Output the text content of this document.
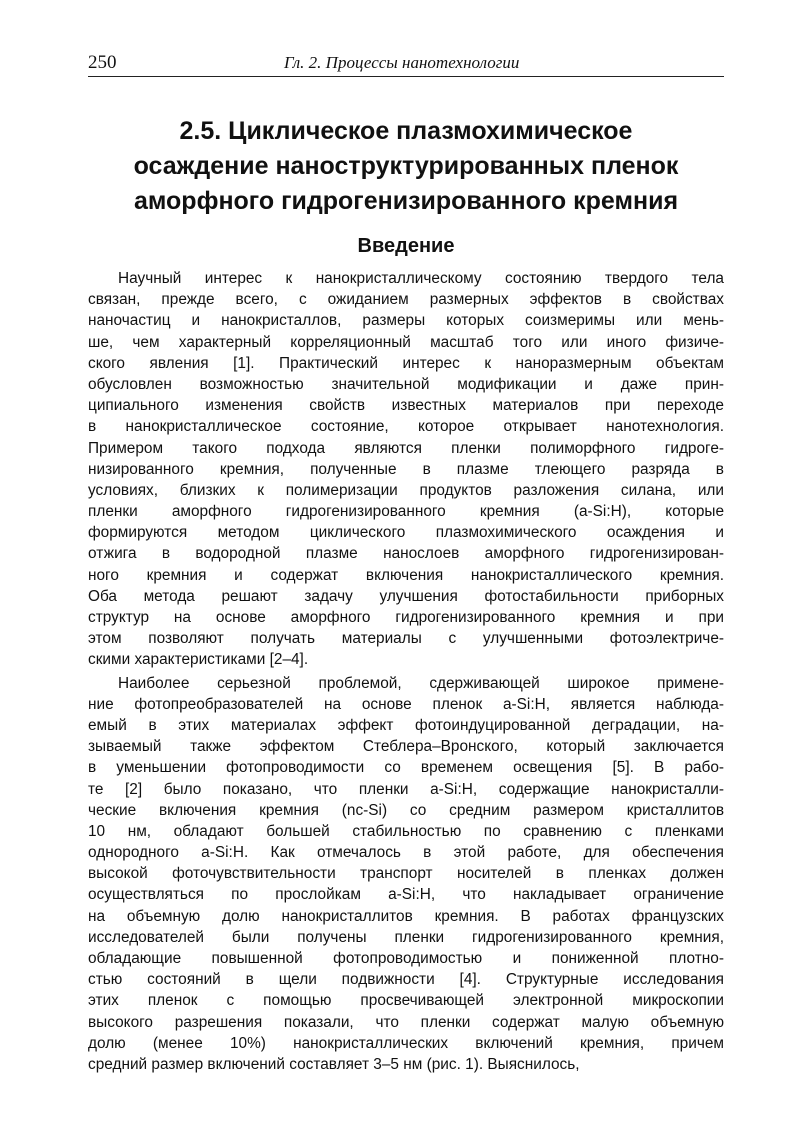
250	Гл. 2. Процессы нанотехнологии
2.5. Циклическое плазмохимическое
осаждение наноструктурированных пленок
аморфного гидрогенизированного кремния
Введение
Научный интерес к нанокристаллическому состоянию твердого тела
связан, прежде всего, с ожиданием размерных эффектов в свойствах
наночастиц и нанокристаллов, размеры которых соизмеримы или мень-
ше, чем характерный корреляционный масштаб того или иного физиче-
ского явления [1]. Практический интерес к наноразмерным объектам
обусловлен возможностью значительной модификации и даже прин-
ципиального изменения свойств известных материалов при переходе
в нанокристаллическое состояние, которое открывает нанотехнология.
Примером такого подхода являются пленки полиморфного гидроге-
низированного кремния, полученные в плазме тлеющего разряда в
условиях, близких к полимеризации продуктов разложения силана, или
пленки аморфного гидрогенизированного кремния (a-Si:H), которые
формируются методом циклического плазмохимического осаждения и
отжига в водородной плазме нанослоев аморфного гидрогенизирован-
ного кремния и содержат включения нанокристаллического кремния.
Оба метода решают задачу улучшения фотостабильности приборных
структур на основе аморфного гидрогенизированного кремния и при
этом позволяют получать материалы с улучшенными фотоэлектриче-
скими характеристиками [2–4].
Наиболее серьезной проблемой, сдерживающей широкое примене-
ние фотопреобразователей на основе пленок a-Si:H, является наблюда-
емый в этих материалах эффект фотоиндуцированной деградации, на-
зываемый также эффектом Стеблера–Вронского, который заключается
в уменьшении фотопроводимости со временем освещения [5]. В рабо-
те [2] было показано, что пленки a-Si:H, содержащие нанокристалли-
ческие включения кремния (nc-Si) со средним размером кристаллитов
10 нм, обладают большей стабильностью по сравнению с пленками
однородного a-Si:H. Как отмечалось в этой работе, для обеспечения
высокой фоточувствительности транспорт носителей в пленках должен
осуществляться по прослойкам a-Si:H, что накладывает ограничение
на объемную долю нанокристаллитов кремния. В работах французских
исследователей были получены пленки гидрогенизированного кремния,
обладающие повышенной фотопроводимостью и пониженной плотно-
стью состояний в щели подвижности [4]. Структурные исследования
этих пленок с помощью просвечивающей электронной микроскопии
высокого разрешения показали, что пленки содержат малую объемную
долю (менее 10%) нанокристаллических включений кремния, причем
средний размер включений составляет 3–5 нм (рис. 1). Выяснилось,
